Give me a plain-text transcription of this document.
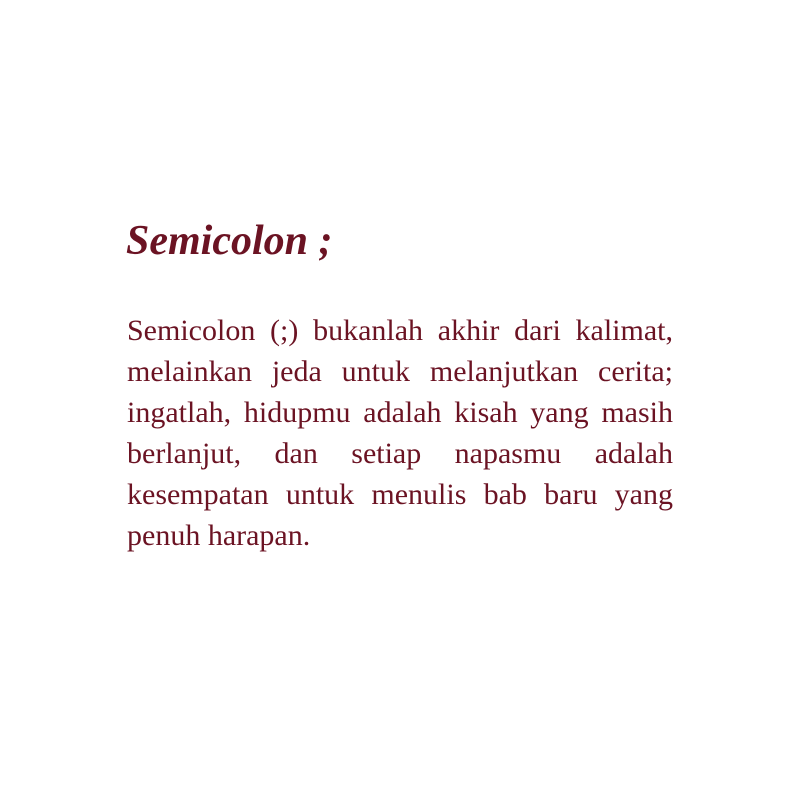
Semicolon ;

Semicolon (;) bukanlah akhir dari kalimat, melainkan jeda untuk melanjutkan cerita; ingatlah, hidupmu adalah kisah yang masih berlanjut, dan setiap napasmu adalah kesempatan untuk menulis bab baru yang penuh harapan.
